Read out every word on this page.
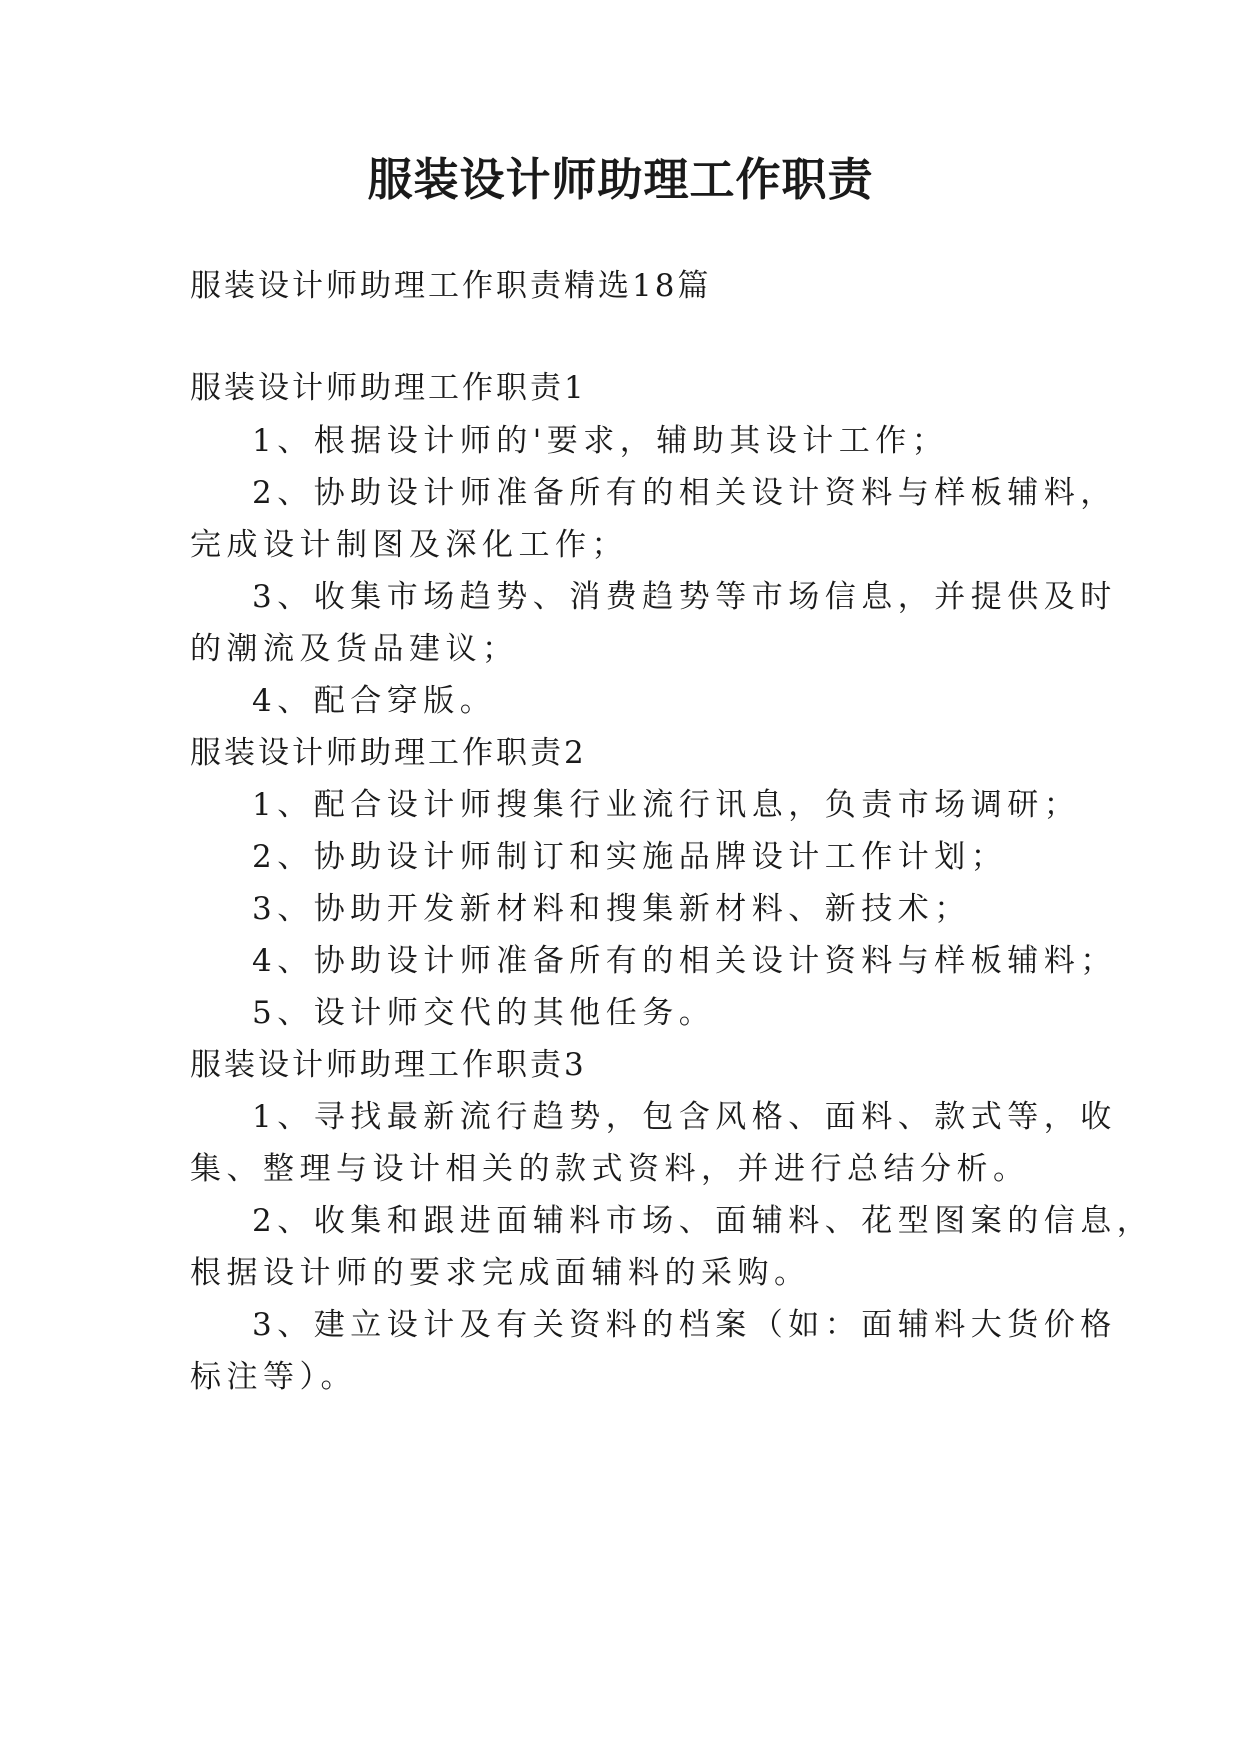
服装设计师助理工作职责

服装设计师助理工作职责精选18篇

服装设计师助理工作职责1

1、根据设计师的'要求，辅助其设计工作；

2、协助设计师准备所有的相关设计资料与样板辅料，

完成设计制图及深化工作；

3、收集市场趋势、消费趋势等市场信息，并提供及时

的潮流及货品建议；

4、配合穿版。

服装设计师助理工作职责2

1、配合设计师搜集行业流行讯息，负责市场调研；

2、协助设计师制订和实施品牌设计工作计划；

3、协助开发新材料和搜集新材料、新技术；

4、协助设计师准备所有的相关设计资料与样板辅料；

5、设计师交代的其他任务。

服装设计师助理工作职责3

1、寻找最新流行趋势，包含风格、面料、款式等，收

集、整理与设计相关的款式资料，并进行总结分析。

2、收集和跟进面辅料市场、面辅料、花型图案的信息，

根据设计师的要求完成面辅料的采购。

3、建立设计及有关资料的档案（如：面辅料大货价格

标注等）。
